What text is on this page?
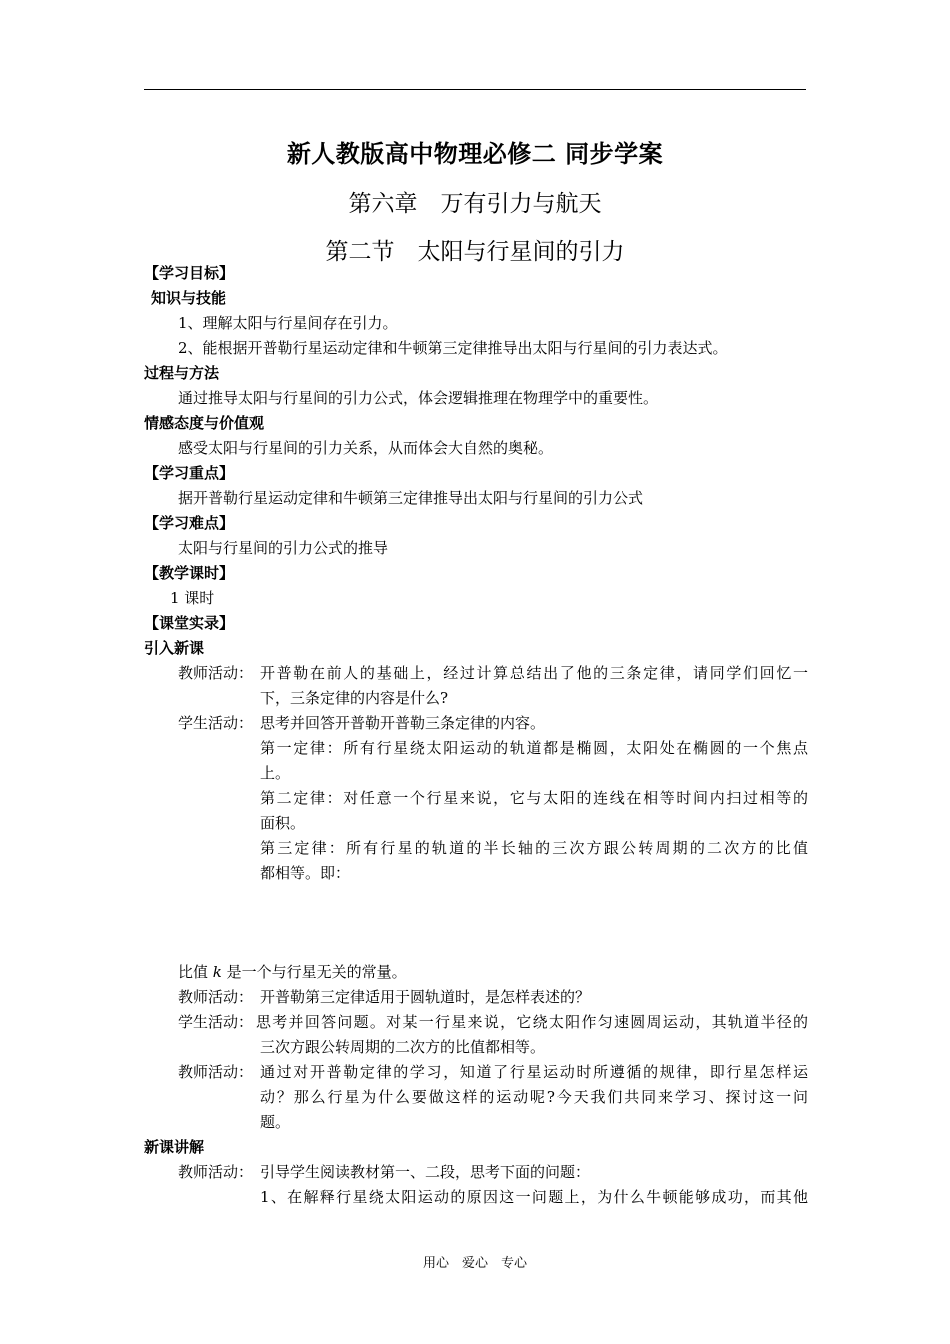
新人教版高中物理必修二 同步学案
第六章　万有引力与航天
第二节　太阳与行星间的引力
【学习目标】
知识与技能
1、理解太阳与行星间存在引力。
2、能根据开普勒行星运动定律和牛顿第三定律推导出太阳与行星间的引力表达式。
过程与方法
通过推导太阳与行星间的引力公式，体会逻辑推理在物理学中的重要性。
情感态度与价值观
感受太阳与行星间的引力关系，从而体会大自然的奥秘。
【学习重点】
据开普勒行星运动定律和牛顿第三定律推导出太阳与行星间的引力公式
【学习难点】
太阳与行星间的引力公式的推导
【教学课时】
1 课时
【课堂实录】
引入新课
教师活动： 开普勒在前人的基础上，经过计算总结出了他的三条定律，请同学们回忆一
下，三条定律的内容是什么?
学生活动： 思考并回答开普勒开普勒三条定律的内容。
第一定律：所有行星绕太阳运动的轨道都是椭圆，太阳处在椭圆的一个焦点
上。
第二定律：对任意一个行星来说，它与太阳的连线在相等时间内扫过相等的
面积。
第三定律：所有行星的轨道的半长轴的三次方跟公转周期的二次方的比值
都相等。即：
比值 k 是一个与行星无关的常量。
教师活动： 开普勒第三定律适用于圆轨道时，是怎样表述的？
学生活动： 思考并回答问题。对某一行星来说，它绕太阳作匀速圆周运动，其轨道半径的
三次方跟公转周期的二次方的比值都相等。
教师活动： 通过对开普勒定律的学习，知道了行星运动时所遵循的规律，即行星怎样运
动？那么行星为什么要做这样的运动呢?今天我们共同来学习、探讨这一问
题。
新课讲解
教师活动： 引导学生阅读教材第一、二段，思考下面的问题：
1、在解释行星绕太阳运动的原因这一问题上，为什么牛顿能够成功，而其他
用心　爱心　专心
